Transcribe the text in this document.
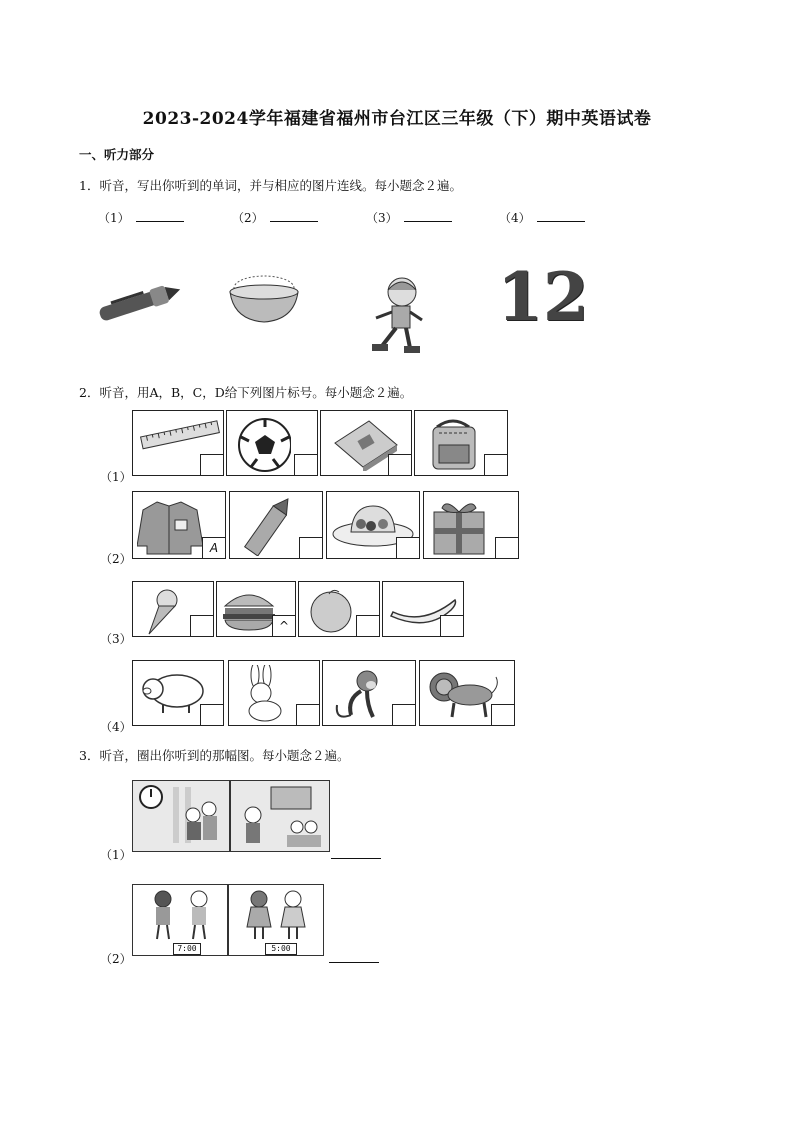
2023-2024学年福建省福州市台江区三年级（下）期中英语试卷
一、听力部分
1．听音，写出你听到的单词，并与相应的图片连线。每小题念２遍。
（1）	（2）	（3）	（4）
12
2．听音，用A，B，C，D给下列图片标号。每小题念２遍。
（1）
（2）
A
（3）
^
（4）
3．听音，圈出你听到的那幅图。每小题念２遍。
（1）
（2）
7:00	5:00
